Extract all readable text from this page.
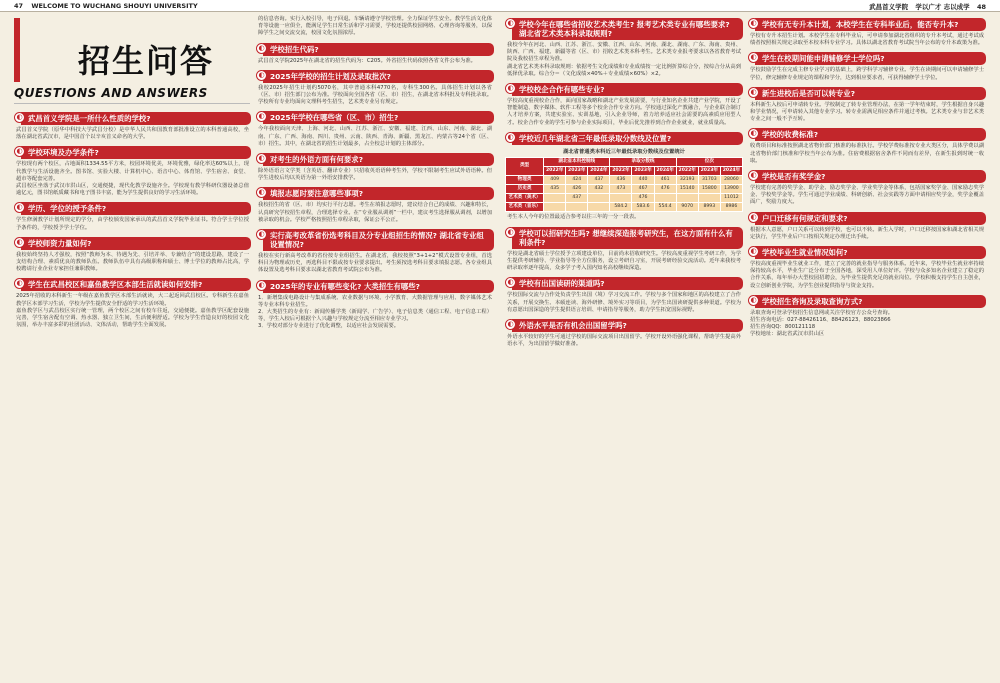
47 WELCOME TO WUCHANG SHOUYI UNIVERSITY	武昌首义学院 学以广才 志以成学 48
招生问答
QUESTIONS AND ANSWERS
◐ 武昌首义学院是一所什么性质的学校?
武昌首义学院（原华中科技大学武昌分校）是中华人民共和国教育部批准设立的本科普通高校，坐落在湖北省武汉市，是中国首个以辛亥首义命名的大学。
◐ 学校环境及办学条件?
学校现有两个校区，占地面积1334.55平方米，校园环境优美，环境优雅，绿化率达60%以上，现代教学与生活设施齐全。图书馆、实验大楼、计算机中心、语音中心、体育馆、学生宿舍、食堂、超市等配套完善。
武昌校区坐落于武汉市洪山区，交通便捷，现代化教学设施齐全。学校现有教学科研仪器设备总值逾亿元，图书馆纸质藏书和电子图书丰富，能为学生提供良好的学习生活环境。
◐ 学历、学位的授予条件?
学生修满教学计划所规定的学分，由学校颁发国家承认的武昌首义学院毕业证书。符合学士学位授予条件的，学校授予学士学位。
◐ 学校师资力量如何?
我校始终坚持人才强校，按照“教师为本、待遇为先、引培并举、专兼结合”的建设思路，建设了一支结构合理、素质优良的教师队伍。教师队伍中具有高级职称和硕士、博士学位的教师占比高，学校聘请行业企业专家担任兼职教师。
◐ 学生在武昌校区和嘉鱼教学区本部生活就读如何安排?
2025年招收的本科新生一年级在嘉鱼教学区本部生活就读，大二起返回武昌校区。专科新生在嘉鱼教学区本部学习生活，学校为学生提供安全舒适的学习生活环境。
嘉鱼教学区与武昌校区实行统一管理，两个校区之间有校车往返，交通便捷。嘉鱼教学区配套设施完善，学生宿舍配有空调、热水器、独立卫生间，生活便利舒适。学校为学生营造良好的校园文化氛围，举办丰富多彩的社团活动、文体活动，帮助学生全面发展。
的信息咨询。实行入校引导，电子回退。车辆请遵守学校管理。全力保证学生安全。教学生活文化体育等设施一应俱全，能满足学生日常生活和学习需要，学校还提供校园网络、心理咨询等服务，以保障学生之间交流交流，校园文化氛围浓厚。
◐ 学校招生代码?
武昌首义学院2025年在湖北省的招生代码为：C205。外省招生代码依照各省文件公布为准。
◐ 2025年学校的招生计划及录取批次?
我校2025年招生计划约5070名，其中普通本科4770名，专科生300名。具体招生计划以各省（区、市）招生部门公布为准。学校面向全国各省（区、市）招生，在湖北省本科批及专科批录取。学校所有专业均面向文理科考生招生，艺术类专业另有规定。
◐ 2025年学校在哪些省（区、市）招生?
今年我校面向天津、上海、河北、山西、江苏、浙江、安徽、福建、江西、山东、河南、湖北、湖南、广东、广西、海南、四川、贵州、云南、陕西、青海、新疆、黑龙江、内蒙古等24个省（区、市）招生。其中，在湖北省的招生计划最多，占全校总计划的主体部分。
◐ 对考生的外语方面有何要求?
除外语语言文学类（含英语、翻译专业）只招收英语语种考生外，学校不限制考生应试外语语种。但学生进校后均以英语为第一外语安排教学。
◐ 填报志愿时要注意哪些事项?
我校招生的省（区、市）均实行平行志愿。考生在填报志愿时，建议结合自己的成绩、兴趣和特长，认真研究学校招生章程，合理选择专业。在“专业服从调剂”一栏中，建议考生选择服从调剂，以增加被录取的机会。学校严格按照招生章程录取，保证公平公正。
◐ 实行高考改革省份选考科目及分专业组招生的情况? 湖北省专业组设置情况?
我校在实行新高考改革的省份按专业组招生。在湖北省，我校按照“3+1+2”模式设置专业组，首选科目为物理或历史，再选科目不限或按专业要求提出。考生须按选考科目要求填报志愿。各专业组具体设置及选考科目要求以湖北省教育考试院公布为准。
◐ 2025年的专业有哪些变化? 大类招生有哪些?
1．新增集成电路设计与集成系统、农业数据与环境、小学教育、大数据管理与应用、数字媒体艺术等专业本科专业招生。
2．大类招生的专业有：新闻传播学类（新闻学、广告学）、电子信息类（通信工程、电子信息工程）等，学生入校后可根据个人兴趣与学校规定分流至相应专业学习。
3．学校对部分专业进行了优化调整，以适应社会发展需要。
◐ 学校今年在哪些省招收艺术类考生? 报考艺术类专业有哪些要求? 湖北省艺术类本科录取规则?
我校今年在河北、山西、江苏、浙江、安徽、江西、山东、河南、湖北、湖南、广东、海南、贵州、陕西、广西、福建、新疆等省（区、市）招收艺术类本科考生。艺术类专业报考要求以各省教育考试院及我校招生章程为准。
湖北省艺术类本科录取规则：依据考生文化成绩和专业成绩按一定比例折算综合分，按综合分从高到低择优录取。综合分＝（文化成绩×40%＋专业成绩×60%）×2。
◐ 学校校企合作有哪些专业?
学校高度重视校企合作，面向国家战略和湖北产业发展需要，与行业知名企业共建产业学院，开设了智能制造、数字媒体、软件工程等多个校企合作专业方向。学校通过深化产教融合，与企业联合制订人才培养方案，共建实验室、实训基地，引入企业导师，着力培养适应社会需要的高素质应用型人才。校企合作专业的学生可参与企业实际项目，毕业后优先推荐到合作企业就业，就业质量高。
◐ 学校近几年湖北省三年最低录取分数线及位置?
湖北省普通类本科近三年最低录取分数线及位置统计
类型	湖北省本科控制线			录取分数线			位次		
	2022年	2023年	2024年	2022年	2023年	2024年	2022年	2023年	2024年
物理类	409	424	437	436	440	461	32193	31703	28060
历史类	435	426	432	473	467	476	15140	15800	13900
艺术类（美术）		437			476				11012
艺术类（音乐）				584.2	583.6	554.4	9070	8993	8986
考生本人今年的位置最适合参考以往三年的一分一段表。
◐ 学校可以招研究生吗? 想继续深造报考研究生，在这方面有什么有利条件?
学校是湖北省硕士学位授予立项建设单位，目前尚未招收研究生。学校高度重视学生考研工作，为学生提供考研辅导、学业指导等全方位服务，设立考研自习室，开展考研经验交流活动。近年来我校考研录取率逐年提高，众多学子考入国内知名高校继续深造。
◐ 学校有出国读研的渠道吗?
学校国际交流与合作处负责学生出国（境）学习交流工作。学校与多个国家和地区的高校建立了合作关系，开展交换生、本硕连读、海外研修、境外实习等项目，为学生出国读研提供多种渠道。学校为有意愿出国深造的学生提供语言培训、申请指导等服务，助力学生拓宽国际视野。
◐ 外语水平是否有机会出国留学吗?
外语水平较好的学生可通过学校的国际交流项目出国留学。学校开设外语强化课程，帮助学生提高外语水平，为出国留学做好准备。
◐ 学校有无专升本计划，本校学生在专科毕业后，能否专升本?
学校有专升本招生计划。本校学生在专科毕业后，可申请参加湖北省组织的专升本考试，通过考试成绩者按照相关规定录取至本校本科专业学习。具体以湖北省教育考试院当年公布的专升本政策为准。
◐ 学生在校期间能申请辅修学士学位吗?
学校鼓励学生在完成主修专业学习的基础上，跨学科学习辅修专业。学生在读期间可以申请辅修学士学位，修完辅修专业规定的课程和学分，达到相应要求者，可获得辅修学士学位。
◐ 新生进校后是否可以转专业?
本科新生入校后可申请转专业。学校制定了转专业管理办法，在第一学年结束时，学生根据自身兴趣和学业情况，可申请转入其他专业学习。转专业需满足相应条件并通过考核。艺术类专业与非艺术类专业之间一般不予互转。
◐ 学校的收费标准?
收费项目和标准按照湖北省物价部门核准的标准执行。学校学费标准按专业大类区分，具体学费以湖北省物价部门核准和学校当年公布为准。住宿费根据宿舍条件不同而有差异，在新生报到时统一收取。
◐ 学校是否有奖学金?
学校建有完善的奖学金、助学金、励志奖学金、学业奖学金等体系，包括国家奖学金、国家励志奖学金、学校奖学金等。学生可通过学业成绩、科研创新、社会实践等方面申请相应奖学金，奖学金覆盖面广，奖励力度大。
◐ 户口迁移有何规定和要求?
根据本人意愿，户口关系可以转到学校，也可以不转。新生入学时，户口迁移按国家和湖北省相关规定执行，学生毕业后户口按相关规定办理迁出手续。
◐ 学校毕业生就业情况如何?
学校高度重视毕业生就业工作，建立了完善的就业指导与服务体系。近年来，学校毕业生就业率持续保持较高水平，毕业生广泛分布于全国各地，深受用人单位好评。学校与众多知名企业建立了稳定的合作关系，每年举办大型校园招聘会，为毕业生提供充足的就业岗位。学校积极支持学生自主创业，设立创新创业学院，为学生创业提供指导与资金支持。
◐ 学校招生咨询及录取查询方式?
录取查询可登录学校招生信息网或关注学校官方公众号查询。
招生咨询电话：027-88426116、88426123、88023866
招生咨询QQ：800121118
学校地址：湖北省武汉市洪山区
